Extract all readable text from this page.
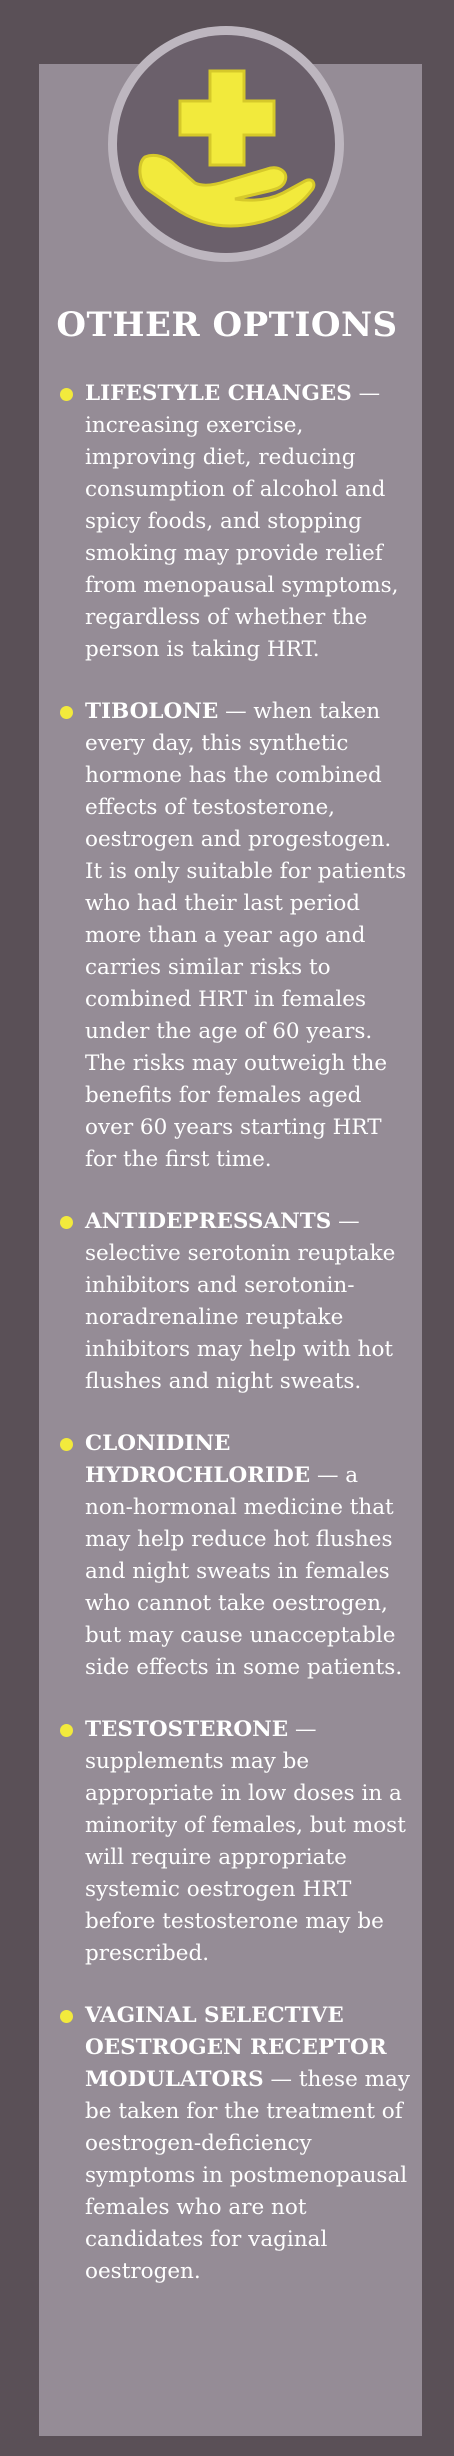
OTHER OPTIONS
LIFESTYLE CHANGES — increasing exercise, improving diet, reducing consumption of alcohol and spicy foods, and stopping smoking may provide relief from menopausal symptoms, regardless of whether the person is taking HRT.
TIBOLONE — when taken every day, this synthetic hormone has the combined effects of testosterone, oestrogen and progestogen. It is only suitable for patients who had their last period more than a year ago and carries similar risks to combined HRT in females under the age of 60 years. The risks may outweigh the benefits for females aged over 60 years starting HRT for the first time.
ANTIDEPRESSANTS — selective serotonin reuptake inhibitors and serotonin-noradrenaline reuptake inhibitors may help with hot flushes and night sweats.
CLONIDINE HYDROCHLORIDE — a non-hormonal medicine that may help reduce hot flushes and night sweats in females who cannot take oestrogen, but may cause unacceptable side effects in some patients.
TESTOSTERONE — supplements may be appropriate in low doses in a minority of females, but most will require appropriate systemic oestrogen HRT before testosterone may be prescribed.
VAGINAL SELECTIVE OESTROGEN RECEPTOR MODULATORS — these may be taken for the treatment of oestrogen-deficiency symptoms in postmenopausal females who are not candidates for vaginal oestrogen.
